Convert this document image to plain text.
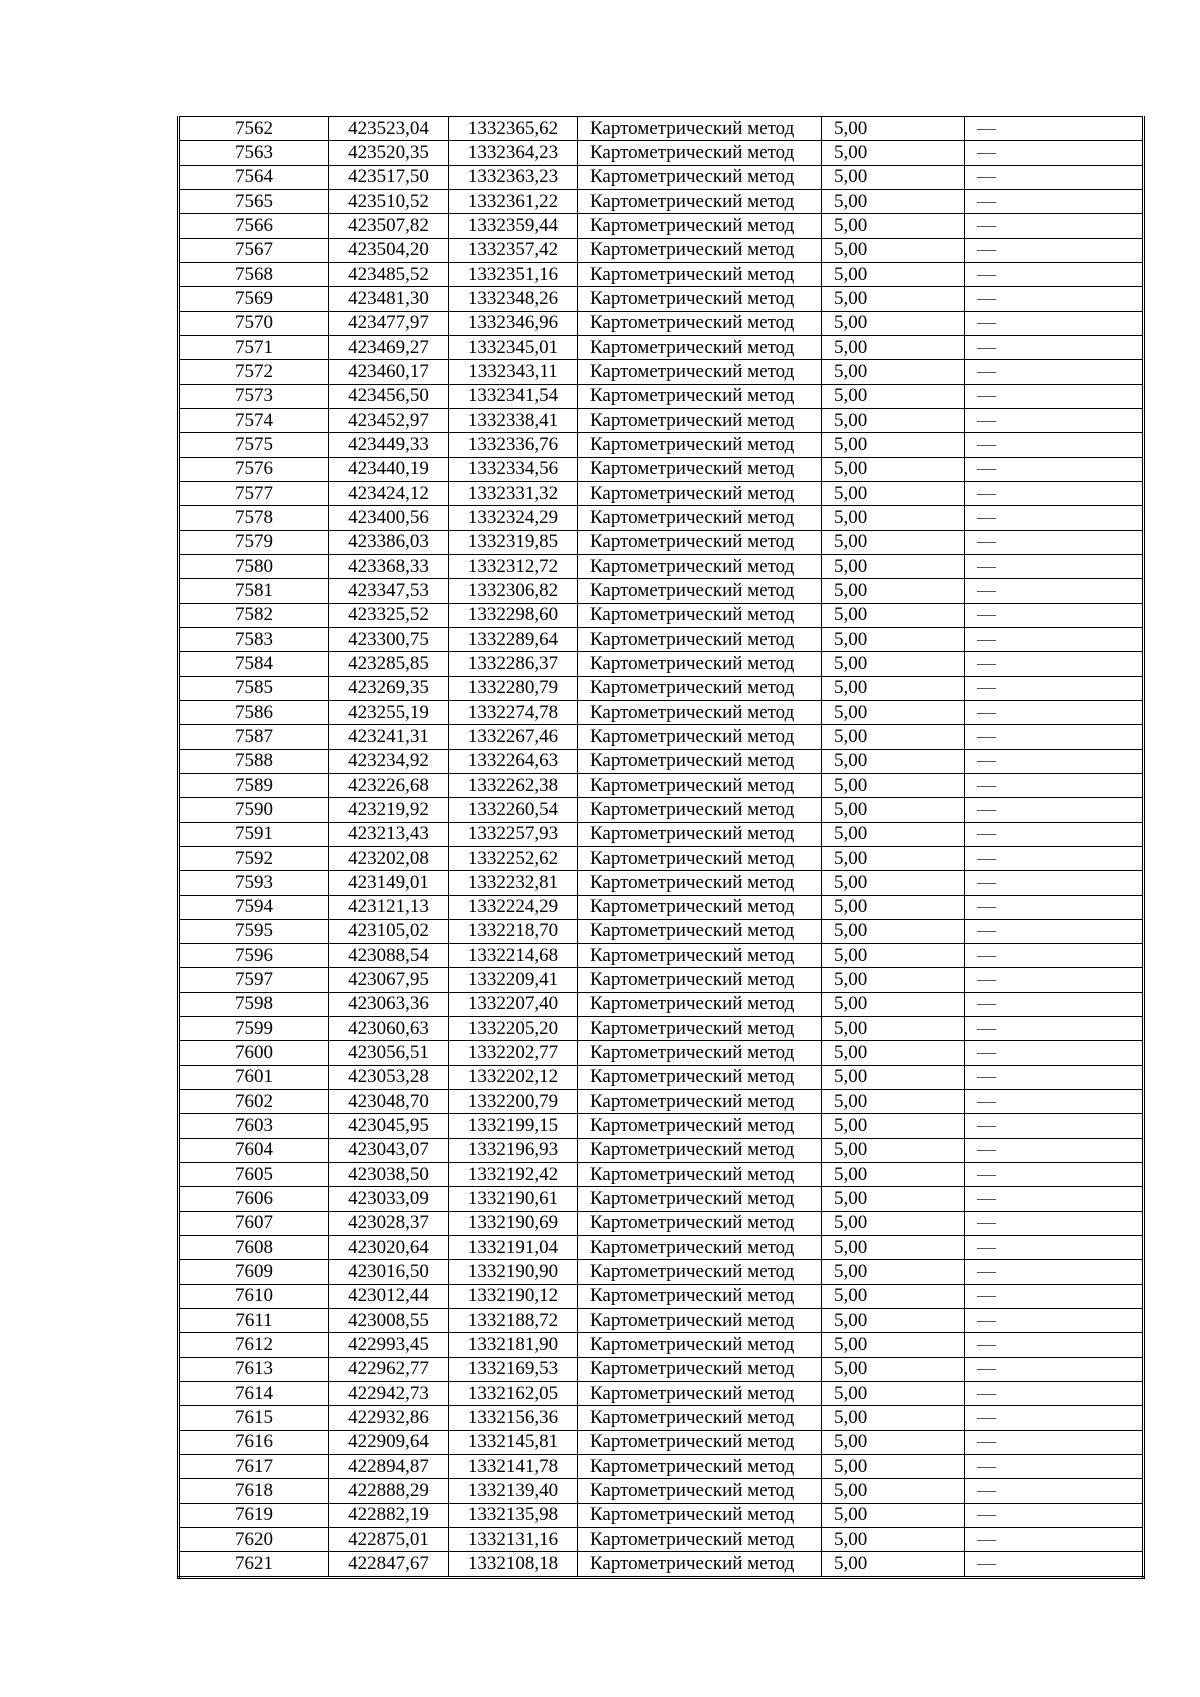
7562	423523,04	1332365,62	Картометрический метод	5,00	—
7563	423520,35	1332364,23	Картометрический метод	5,00	—
7564	423517,50	1332363,23	Картометрический метод	5,00	—
7565	423510,52	1332361,22	Картометрический метод	5,00	—
7566	423507,82	1332359,44	Картометрический метод	5,00	—
7567	423504,20	1332357,42	Картометрический метод	5,00	—
7568	423485,52	1332351,16	Картометрический метод	5,00	—
7569	423481,30	1332348,26	Картометрический метод	5,00	—
7570	423477,97	1332346,96	Картометрический метод	5,00	—
7571	423469,27	1332345,01	Картометрический метод	5,00	—
7572	423460,17	1332343,11	Картометрический метод	5,00	—
7573	423456,50	1332341,54	Картометрический метод	5,00	—
7574	423452,97	1332338,41	Картометрический метод	5,00	—
7575	423449,33	1332336,76	Картометрический метод	5,00	—
7576	423440,19	1332334,56	Картометрический метод	5,00	—
7577	423424,12	1332331,32	Картометрический метод	5,00	—
7578	423400,56	1332324,29	Картометрический метод	5,00	—
7579	423386,03	1332319,85	Картометрический метод	5,00	—
7580	423368,33	1332312,72	Картометрический метод	5,00	—
7581	423347,53	1332306,82	Картометрический метод	5,00	—
7582	423325,52	1332298,60	Картометрический метод	5,00	—
7583	423300,75	1332289,64	Картометрический метод	5,00	—
7584	423285,85	1332286,37	Картометрический метод	5,00	—
7585	423269,35	1332280,79	Картометрический метод	5,00	—
7586	423255,19	1332274,78	Картометрический метод	5,00	—
7587	423241,31	1332267,46	Картометрический метод	5,00	—
7588	423234,92	1332264,63	Картометрический метод	5,00	—
7589	423226,68	1332262,38	Картометрический метод	5,00	—
7590	423219,92	1332260,54	Картометрический метод	5,00	—
7591	423213,43	1332257,93	Картометрический метод	5,00	—
7592	423202,08	1332252,62	Картометрический метод	5,00	—
7593	423149,01	1332232,81	Картометрический метод	5,00	—
7594	423121,13	1332224,29	Картометрический метод	5,00	—
7595	423105,02	1332218,70	Картометрический метод	5,00	—
7596	423088,54	1332214,68	Картометрический метод	5,00	—
7597	423067,95	1332209,41	Картометрический метод	5,00	—
7598	423063,36	1332207,40	Картометрический метод	5,00	—
7599	423060,63	1332205,20	Картометрический метод	5,00	—
7600	423056,51	1332202,77	Картометрический метод	5,00	—
7601	423053,28	1332202,12	Картометрический метод	5,00	—
7602	423048,70	1332200,79	Картометрический метод	5,00	—
7603	423045,95	1332199,15	Картометрический метод	5,00	—
7604	423043,07	1332196,93	Картометрический метод	5,00	—
7605	423038,50	1332192,42	Картометрический метод	5,00	—
7606	423033,09	1332190,61	Картометрический метод	5,00	—
7607	423028,37	1332190,69	Картометрический метод	5,00	—
7608	423020,64	1332191,04	Картометрический метод	5,00	—
7609	423016,50	1332190,90	Картометрический метод	5,00	—
7610	423012,44	1332190,12	Картометрический метод	5,00	—
7611	423008,55	1332188,72	Картометрический метод	5,00	—
7612	422993,45	1332181,90	Картометрический метод	5,00	—
7613	422962,77	1332169,53	Картометрический метод	5,00	—
7614	422942,73	1332162,05	Картометрический метод	5,00	—
7615	422932,86	1332156,36	Картометрический метод	5,00	—
7616	422909,64	1332145,81	Картометрический метод	5,00	—
7617	422894,87	1332141,78	Картометрический метод	5,00	—
7618	422888,29	1332139,40	Картометрический метод	5,00	—
7619	422882,19	1332135,98	Картометрический метод	5,00	—
7620	422875,01	1332131,16	Картометрический метод	5,00	—
7621	422847,67	1332108,18	Картометрический метод	5,00	—
